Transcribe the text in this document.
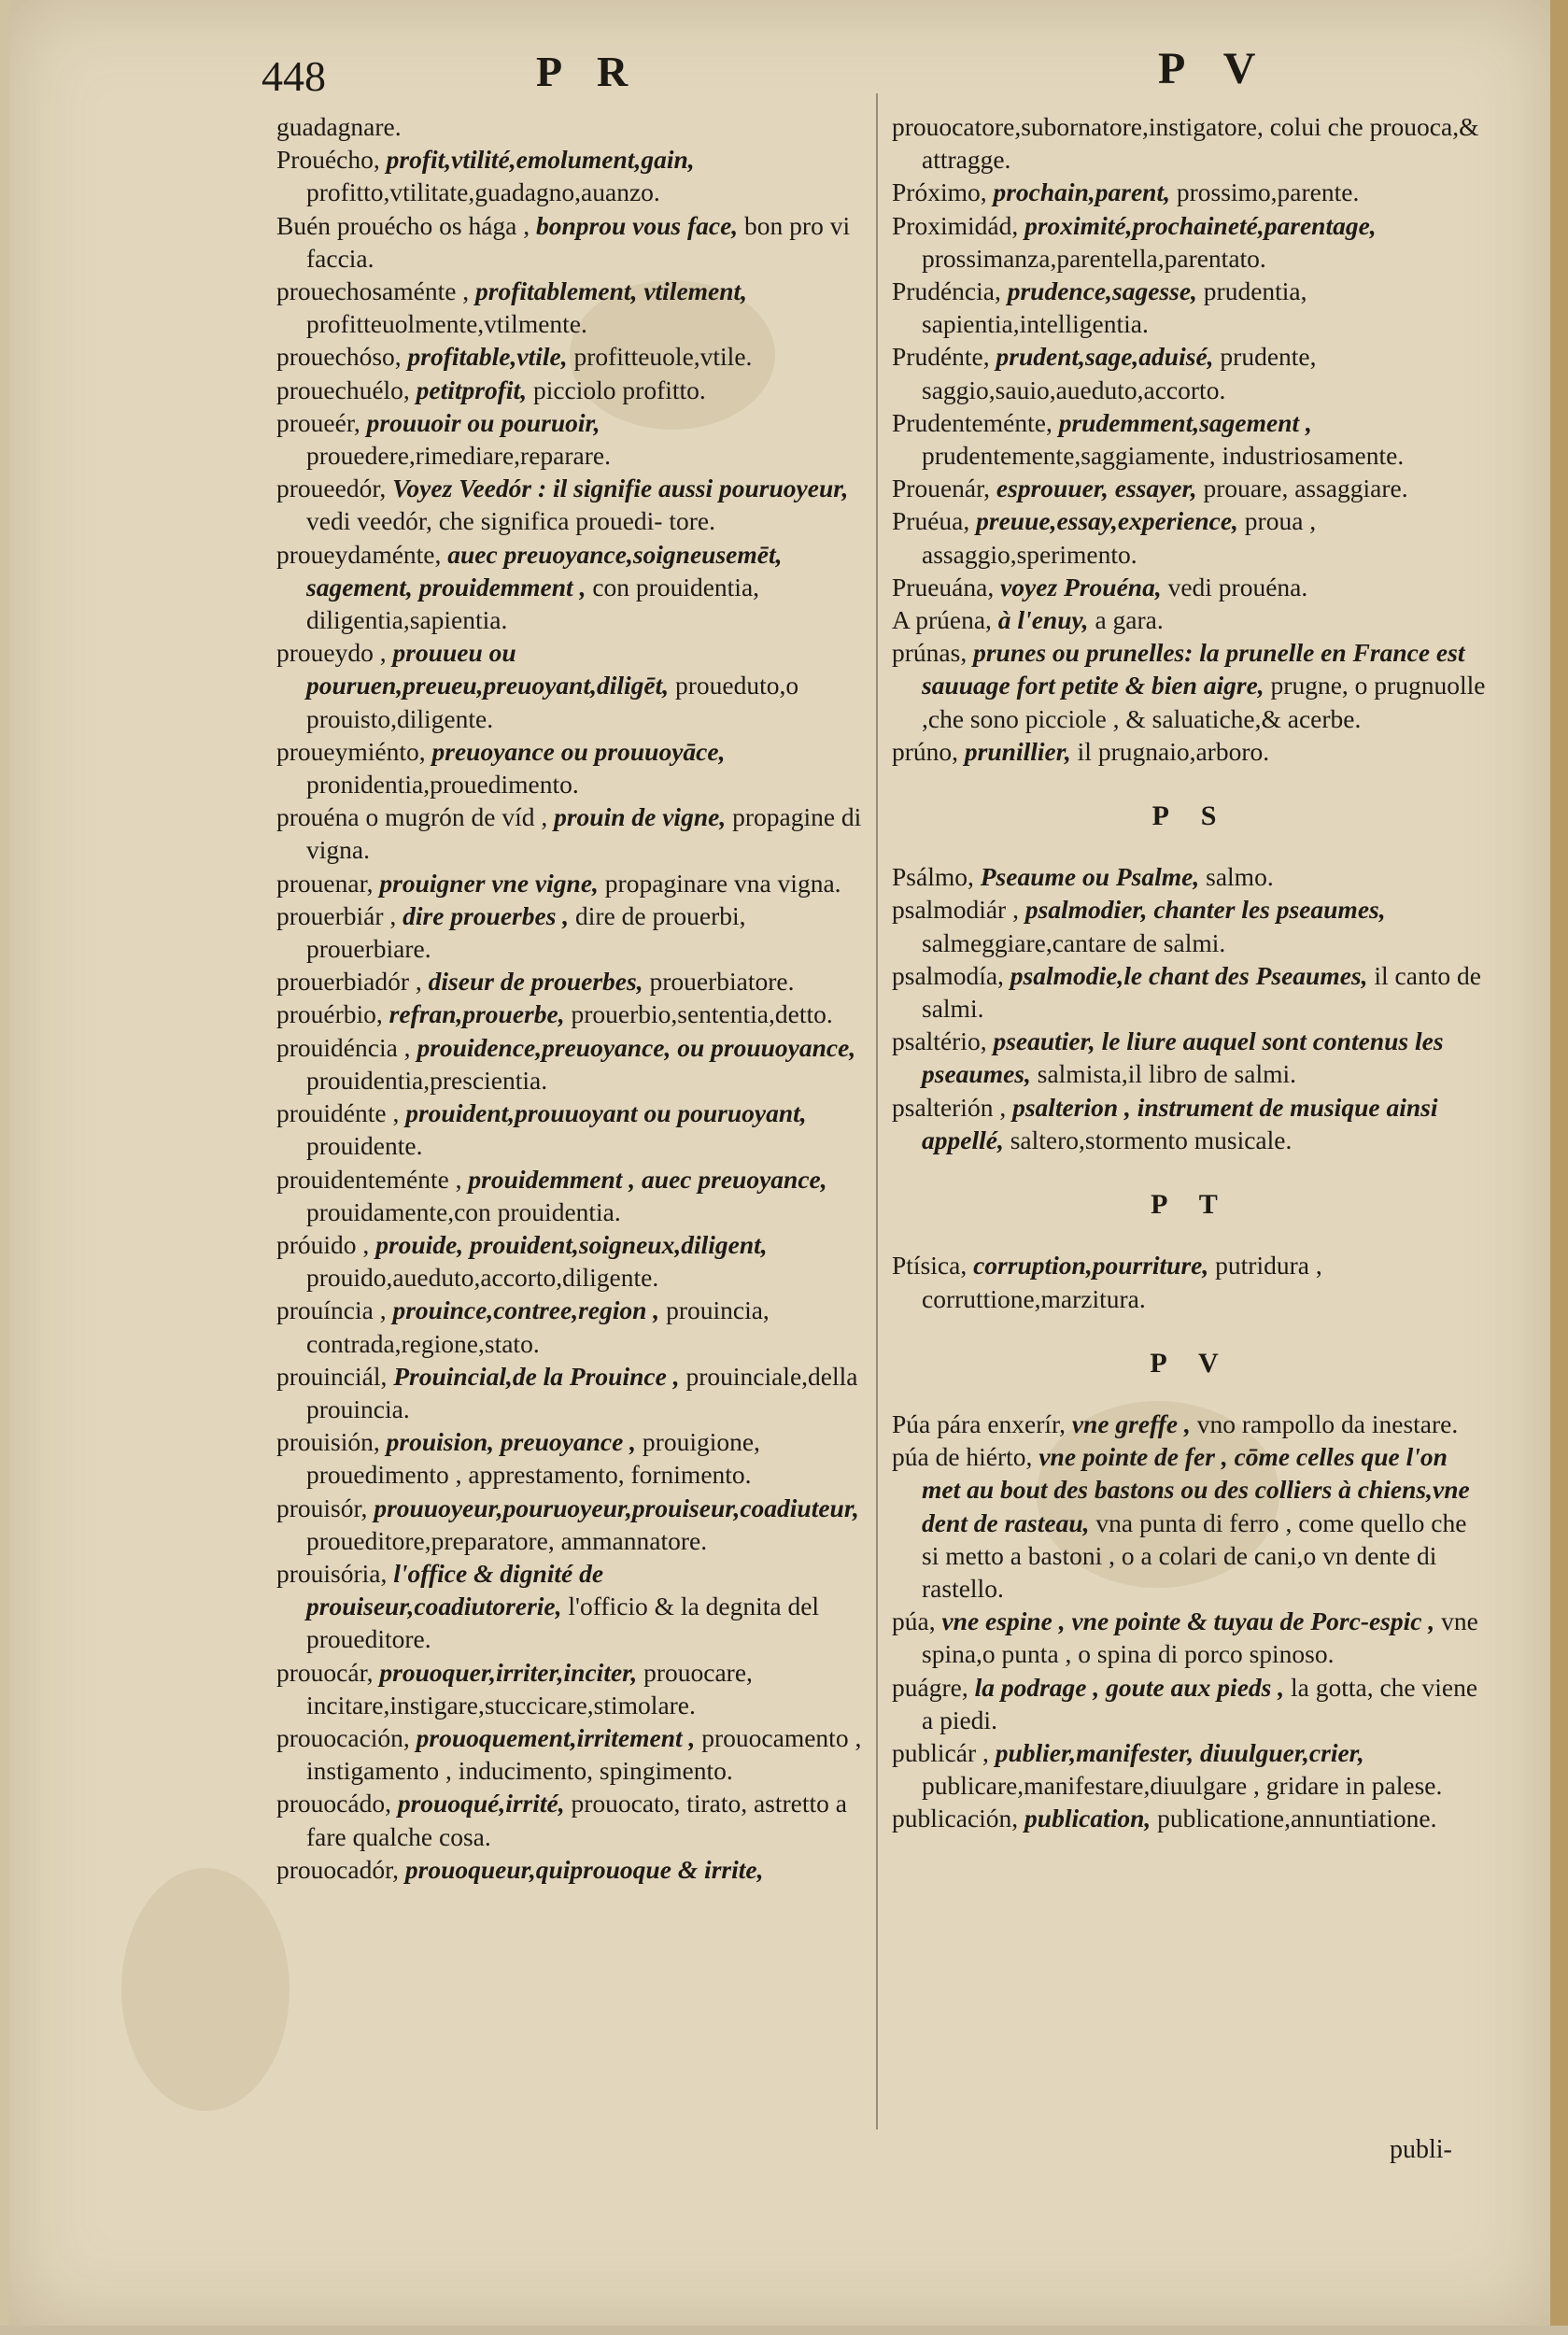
448	P R	P V

guadagnare.

Prouécho, profit,vtilité,emolument,gain, profitto,vtilitate,guadagno,auanzo.

Buén prouécho os hága , bonprou vous face, bon pro vi faccia.

prouechosaménte , profitablement, vtilement, profitteuolmente,vtilmente.

prouechóso, profitable,vtile, profitteuole,vtile.

prouechuélo, petitprofit, picciolo profitto.

proueér, prouuoir ou pouruoir, prouedere,rimediare,reparare.

proueedór, Voyez Veedór : il signifie aussi pouruoyeur, vedi veedór, che significa prouedi- tore.

proueydaménte, auec preuoyance,soigneusemēt, sagement, prouidemment , con prouidentia, diligentia,sapientia.

proueydo , prouueu ou pouruen,preueu,preuoyant,diligēt, proueduto,o prouisto,diligente.

proueymiénto, preuoyance ou prouuoyāce, pronidentia,prouedimento.

prouéna o mugrón de víd , prouin de vigne, propagine di vigna.

prouenar, prouigner vne vigne, propaginare vna vigna.

prouerbiár , dire prouerbes , dire de prouerbi, prouerbiare.

prouerbiadór , diseur de prouerbes, prouerbiatore.

prouérbio, refran,prouerbe, prouerbio,sententia,detto.

prouidéncia , prouidence,preuoyance, ou prouuoyance, prouidentia,prescientia.

prouidénte , prouident,prouuoyant ou pouruoyant, prouidente.

prouidenteménte , prouidemment , auec preuoyance, prouidamente,con prouidentia.

próuido , prouide, prouident,soigneux,diligent, prouido,aueduto,accorto,diligente.

prouíncia , prouince,contree,region , prouincia, contrada,regione,stato.

prouinciál, Prouincial,de la Prouince , prouinciale,della prouincia.

prouisión, prouision, preuoyance , prouigione, prouedimento , apprestamento, fornimento.

prouisór, prouuoyeur,pouruoyeur,prouiseur,coadiuteur, proueditore,preparatore, ammannatore.

prouisória, l'office & dignité de prouiseur,coadiutorerie, l'officio & la degnita del proueditore.

prouocár, prouoquer,irriter,inciter, prouocare, incitare,instigare,stuccicare,stimolare.

prouocación, prouoquement,irritement , prouocamento , instigamento , inducimento, spingimento.

prouocádo, prouoqué,irrité, prouocato, tirato, astretto a fare qualche cosa.

prouocadór, prouoqueur,quiprouoque & irrite,

prouocatore,subornatore,instigatore, colui che prouoca,& attragge.

Próximo, prochain,parent, prossimo,parente.

Proximidád, proximité,prochaineté,parentage, prossimanza,parentella,parentato.

Prudéncia, prudence,sagesse, prudentia, sapientia,intelligentia.

Prudénte, prudent,sage,aduisé, prudente, saggio,sauio,aueduto,accorto.

Prudenteménte, prudemment,sagement , prudentemente,saggiamente, industriosamente.

Prouenár, esprouuer, essayer, prouare, assaggiare.

Pruéua, preuue,essay,experience, proua , assaggio,sperimento.

Prueuána, voyez Prouéna, vedi prouéna.

A prúena, à l'enuy, a gara.

prúnas, prunes ou prunelles: la prunelle en France est sauuage fort petite & bien aigre, prugne, o prugnuolle ,che sono picciole , & saluatiche,& acerbe.

prúno, prunillier, il prugnaio,arboro.

P S

Psálmo, Pseaume ou Psalme, salmo.

psalmodiár , psalmodier, chanter les pseaumes, salmeggiare,cantare de salmi.

psalmodía, psalmodie,le chant des Pseaumes, il canto de salmi.

psaltério, pseautier, le liure auquel sont contenus les pseaumes, salmista,il libro de salmi.

psalterión , psalterion , instrument de musique ainsi appellé, saltero,stormento musicale.

P T

Ptísica, corruption,pourriture, putridura , corruttione,marzitura.

P V

Púa pára enxerír, vne greffe , vno rampollo da inestare.

púa de hiérto, vne pointe de fer , cōme celles que l'on met au bout des bastons ou des colliers à chiens,vne dent de rasteau, vna punta di ferro , come quello che si metto a bastoni , o a colari de cani,o vn dente di rastello.

púa, vne espine , vne pointe & tuyau de Porc-espic , vne spina,o punta , o spina di porco spinoso.

puágre, la podrage , goute aux pieds , la gotta, che viene a piedi.

publicár , publier,manifester, diuulguer,crier, publicare,manifestare,diuulgare , gridare in palese.

publicación, publication, publicatione,annuntiatione.

publi-
